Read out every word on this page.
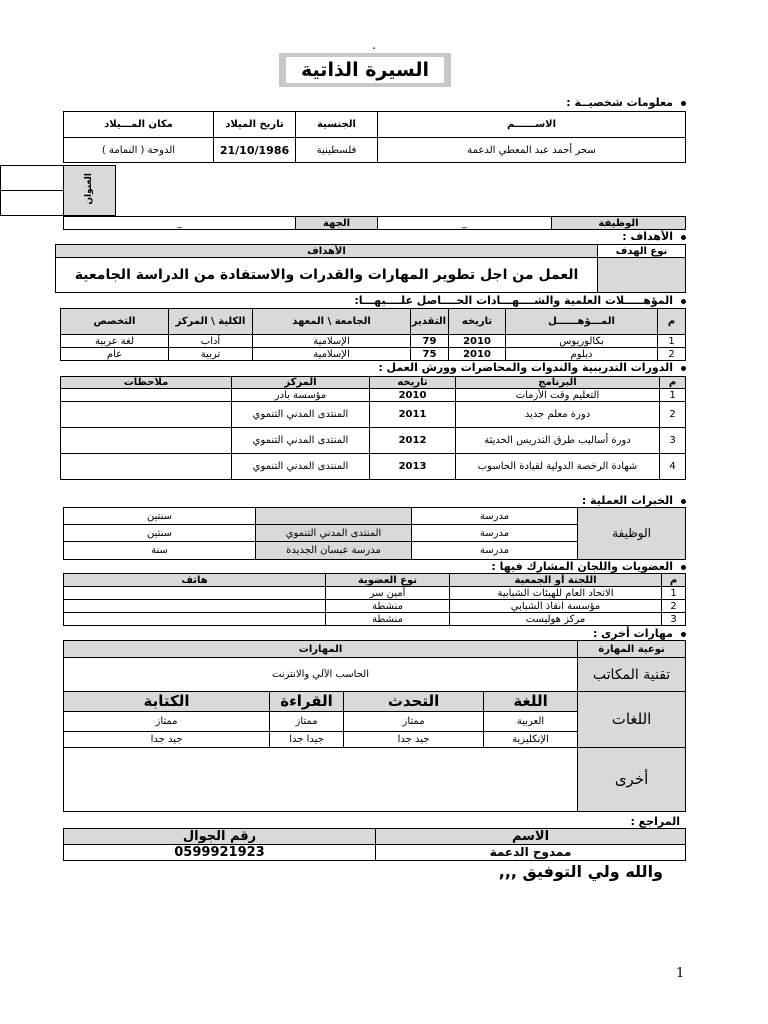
.
السيرة الذاتية
معلومات شخصيــة :
الاســــــم	الجنسية	تاريخ الميلاد	مكان المـــيلاد
سحر أحمد عبد المعطي الدعمة	فلسطينية	21/10/1986	الدوحة ( النمامة )
	العنوان

الوظيفة	_	الجهة	_
الأهداف :
نوع الهدف	الأهداف
	العمل من اجل تطوير المهارات والقدرات والاستفادة من الدراسة الجامعية
المؤهـــــلات العلمية والشــــهـــادات الحــــاصل علــــيهـــا:
م	المـــؤهــــــل	تاريخه	التقدير	الجامعة \ المعهد	الكلية \ المركز	التخصص
1	بكالوريوس	2010	79	الإسلامية	آداب	لغة عربية
2	دبلوم	2010	75	الإسلامية	تربية	عام
الدورات التدريبية والندوات والمحاضرات وورش العمل :
م	البرنامج	تاريخه	المركز	ملاحظات
1	التعليم وقت الأزمات	2010	مؤسسة بادر	
2	دورة معلم جديد	2011	المنتدى المدني التنموي	
3	دورة أساليب طرق التدريس الحديثة	2012	المنتدى المدني التنموي	
4	شهادة الرخصة الدولية لقيادة الحاسوب	2013	المنتدى المدني التنموي	
الخبرات العملية :
الوظيفة	مدرسة		سنتين
	مدرسة	المنتدى المدني التنموي	سنتين
	مدرسة	مدرسة عبسان الجديدة	سنة
العضويات واللجان المشارك فيها :
م	اللجنة أو الجمعية	نوع العضوية	هاتف
1	الاتحاد العام للهيئات الشبابية	أمين سر	
2	مؤسسة انقاذ الشبابي	منشطة	
3	مركز هوليست	منشطة	
مهارات أخرى :
نوعية المهارة	المهارات			
تقنية المكاتب	الحاسب الآلي والانترنت			
اللغات	اللغة	التحدث	القراءة	الكتابة
	العربية	ممتاز	ممتاز	ممتاز
	الإنكليزية	جيد جدا	جيدا جدا	جيد جدا
أخرى				
المراجع :
الاسم	رقم الجوال
ممدوح الدعمة	0599921923
والله ولي التوفيق ,,,
1
